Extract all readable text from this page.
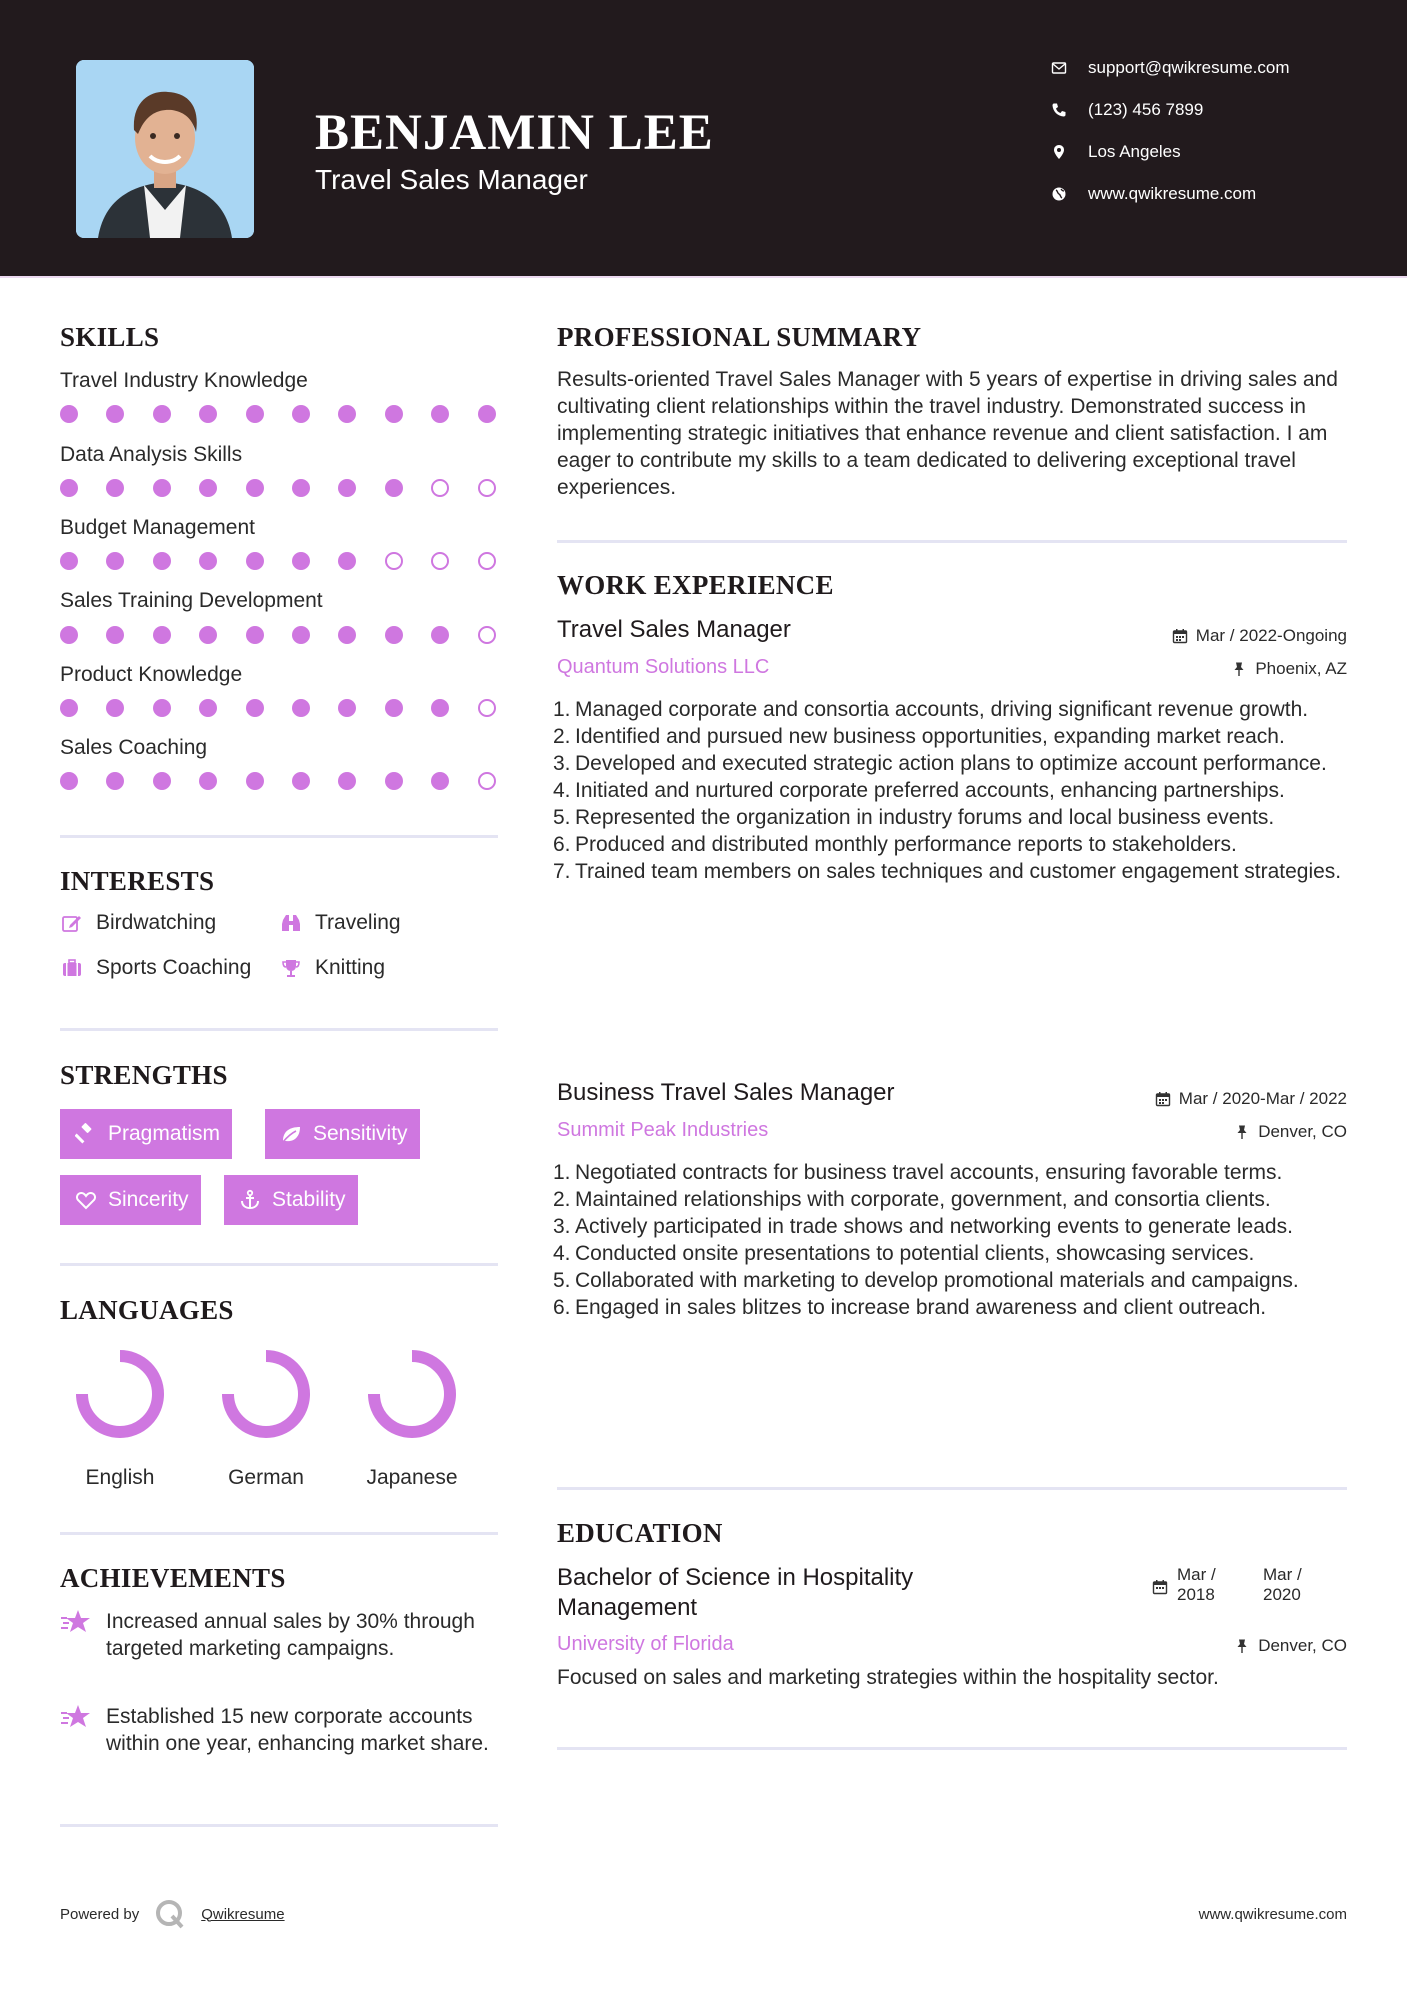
BENJAMIN LEE
Travel Sales Manager
support@qwikresume.com
(123) 456 7899
Los Angeles
www.qwikresume.com
SKILLS
Travel Industry Knowledge
Data Analysis Skills
Budget Management
Sales Training Development
Product Knowledge
Sales Coaching
INTERESTS
Birdwatching	Traveling
Sports Coaching	Knitting
STRENGTHS
Pragmatism	Sensitivity
Sincerity	Stability
LANGUAGES
English	German	Japanese
ACHIEVEMENTS
Increased annual sales by 30% through targeted marketing campaigns.
Established 15 new corporate accounts within one year, enhancing market share.
PROFESSIONAL SUMMARY
Results-oriented Travel Sales Manager with 5 years of expertise in driving sales and cultivating client relationships within the travel industry. Demonstrated success in implementing strategic initiatives that enhance revenue and client satisfaction. I am eager to contribute my skills to a team dedicated to delivering exceptional travel experiences.
WORK EXPERIENCE
Travel Sales Manager	Mar / 2022-Ongoing
Quantum Solutions LLC	Phoenix, AZ
1. Managed corporate and consortia accounts, driving significant revenue growth.
2. Identified and pursued new business opportunities, expanding market reach.
3. Developed and executed strategic action plans to optimize account performance.
4. Initiated and nurtured corporate preferred accounts, enhancing partnerships.
5. Represented the organization in industry forums and local business events.
6. Produced and distributed monthly performance reports to stakeholders.
7. Trained team members on sales techniques and customer engagement strategies.
Business Travel Sales Manager	Mar / 2020-Mar / 2022
Summit Peak Industries	Denver, CO
1. Negotiated contracts for business travel accounts, ensuring favorable terms.
2. Maintained relationships with corporate, government, and consortia clients.
3. Actively participated in trade shows and networking events to generate leads.
4. Conducted onsite presentations to potential clients, showcasing services.
5. Collaborated with marketing to develop promotional materials and campaigns.
6. Engaged in sales blitzes to increase brand awareness and client outreach.
EDUCATION
Bachelor of Science in Hospitality
Management
Mar /
2018
Mar /
2020
University of Florida	Denver, CO
Focused on sales and marketing strategies within the hospitality sector.
Powered by	Qwikresume	www.qwikresume.com
